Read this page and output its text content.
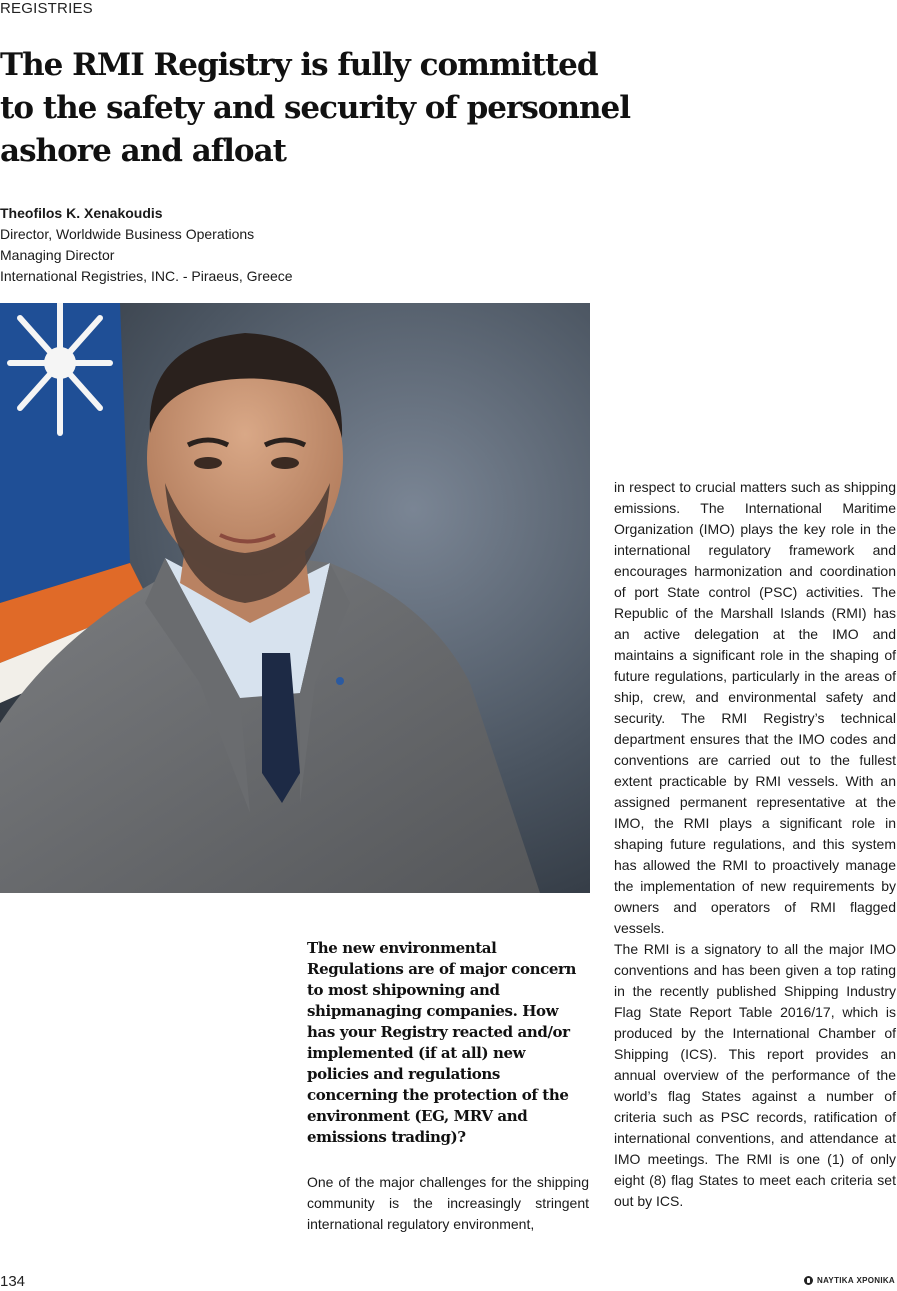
REGISTRIES
The RMI Registry is fully committed to the safety and security of personnel ashore and afloat
Theofilos K. Xenakoudis
Director, Worldwide Business Operations
Managing Director
International Registries, INC. - Piraeus, Greece
The new environmental Regulations are of major concern to most shipowning and shipmanaging companies. How has your Registry reacted and/or implemented (if at all) new policies and regulations concerning the protection of the environment (EG, MRV and emissions trading)?
One of the major challenges for the shipping community is the increasingly stringent international regulatory environment,

in respect to crucial matters such as shipping emissions. The International Maritime Organization (IMO) plays the key role in the international regulatory framework and encourages harmonization and coordination of port State control (PSC) activities. The Republic of the Marshall Islands (RMI) has an active delegation at the IMO and maintains a significant role in the shaping of future regulations, particularly in the areas of ship, crew, and environmental safety and security. The RMI Registry’s technical department ensures that the IMO codes and conventions are carried out to the fullest extent practicable by RMI vessels. With an assigned permanent representative at the IMO, the RMI plays a significant role in shaping future regulations, and this system has allowed the RMI to proactively manage the implementation of new requirements by owners and operators of RMI flagged vessels.

The RMI is a signatory to all the major IMO conventions and has been given a top rating in the recently published Shipping Industry Flag State Report Table 2016/17, which is produced by the International Chamber of Shipping (ICS). This report provides an annual overview of the performance of the world’s flag States against a number of criteria such as PSC records, ratification of international conventions, and attendance at IMO meetings. The RMI is one (1) of only eight (8) flag States to meet each criteria set out by ICS.

134	ΝΑΥΤΙΚΑ ΧΡΟΝΙΚΑ
